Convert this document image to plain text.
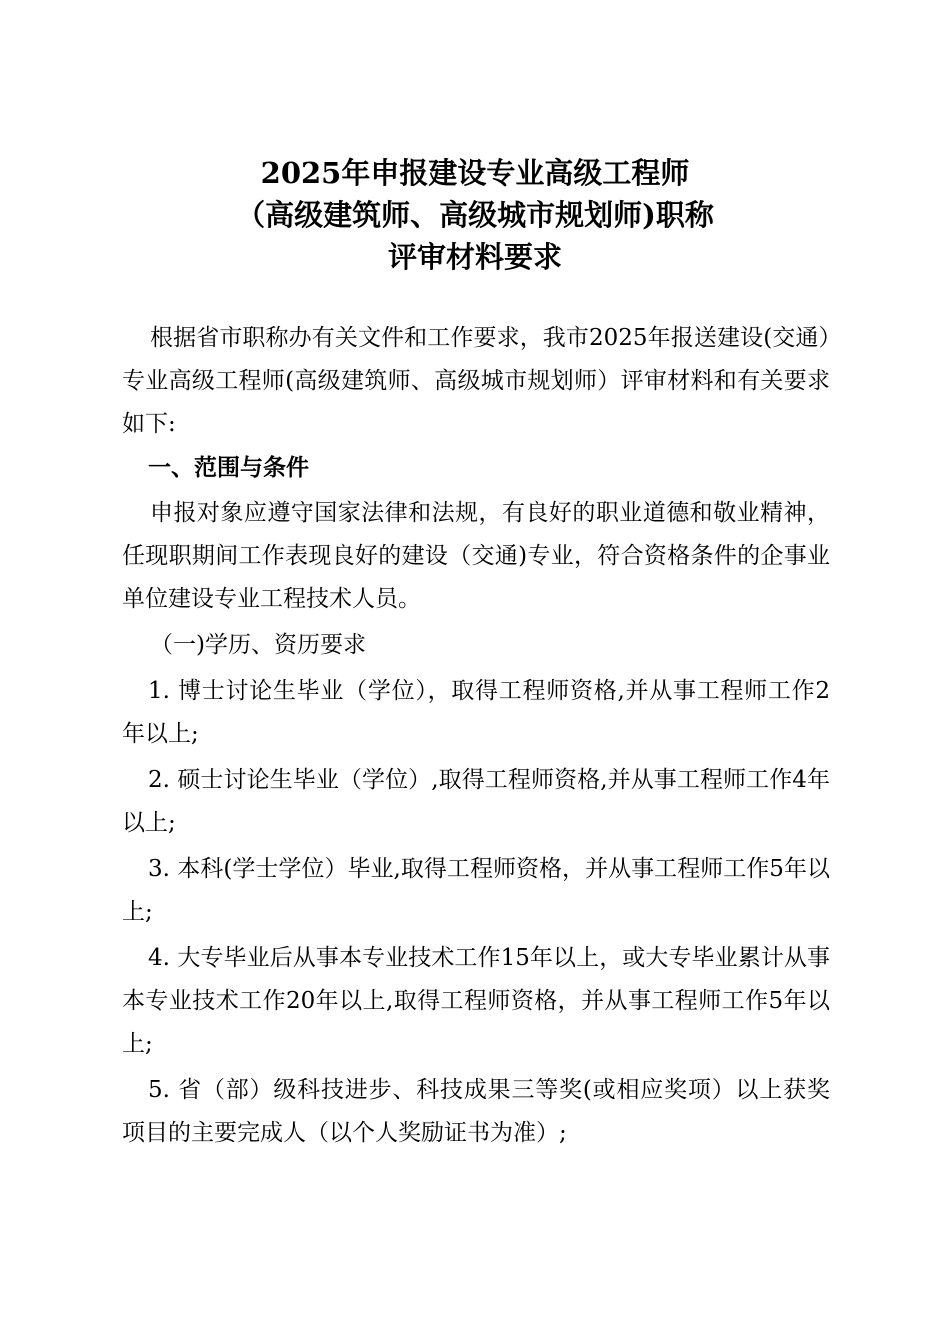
2025年申报建设专业高级工程师
（高级建筑师、高级城市规划师)职称
评审材料要求

根据省市职称办有关文件和工作要求，我市2025年报送建设(交通）专业高级工程师(高级建筑师、高级城市规划师）评审材料和有关要求如下:

一、范围与条件

申报对象应遵守国家法律和法规，有良好的职业道德和敬业精神，任现职期间工作表现良好的建设（交通)专业，符合资格条件的企事业单位建设专业工程技术人员。

（一)学历、资历要求

1. 博士讨论生毕业（学位），取得工程师资格,并从事工程师工作2年以上;

2. 硕士讨论生毕业（学位）,取得工程师资格,并从事工程师工作4年以上;

3. 本科(学士学位）毕业,取得工程师资格，并从事工程师工作5年以上;

4. 大专毕业后从事本专业技术工作15年以上，或大专毕业累计从事本专业技术工作20年以上,取得工程师资格，并从事工程师工作5年以上;

5. 省（部）级科技进步、科技成果三等奖(或相应奖项）以上获奖项目的主要完成人（以个人奖励证书为准）;
